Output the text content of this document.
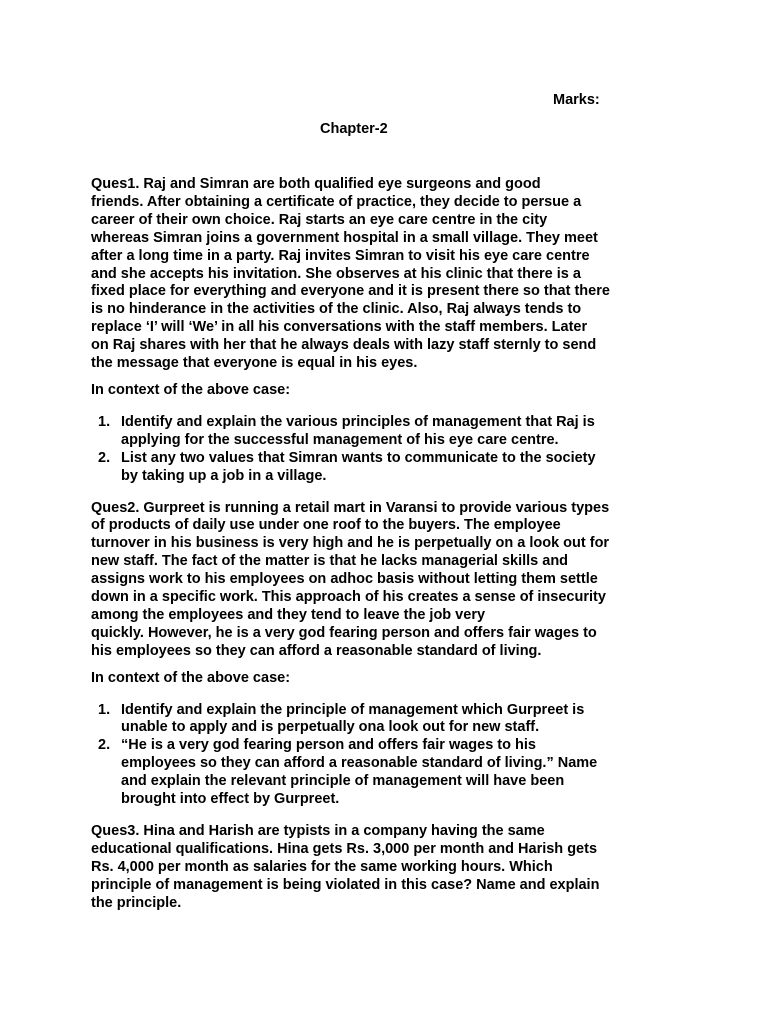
Marks:
Chapter-2
Ques1. Raj and Simran are both qualified eye surgeons and good
friends. After obtaining a certificate of practice, they decide to persue a
career of their own choice. Raj starts an eye care centre in the city
whereas Simran joins a government hospital in a small village. They meet
after a long time in a party. Raj invites Simran to visit his eye care centre
and she accepts his invitation. She observes at his clinic that there is a
fixed place for everything and everyone and it is present there so that there
is no hinderance in the activities of the clinic. Also, Raj always tends to
replace ‘I’ will ‘We’ in all his conversations with the staff members. Later
on Raj shares with her that he always deals with lazy staff sternly to send
the message that everyone is equal in his eyes.
In context of the above case:
1. Identify and explain the various principles of management that Raj is
applying for the successful management of his eye care centre.
2. List any two values that Simran wants to communicate to the society
by taking up a job in a village.
Ques2. Gurpreet is running a retail mart in Varansi to provide various types
of products of daily use under one roof to the buyers. The employee
turnover in his business is very high and he is perpetually on a look out for
new staff. The fact of the matter is that he lacks managerial skills and
assigns work to his employees on adhoc basis without letting them settle
down in a specific work. This approach of his creates a sense of insecurity
among the employees and they tend to leave the job very
quickly. However, he is a very god fearing person and offers fair wages to
his employees so they can afford a reasonable standard of living.
In context of the above case:
1. Identify and explain the principle of management which Gurpreet is
unable to apply and is perpetually ona look out for new staff.
2. “He is a very god fearing person and offers fair wages to his
employees so they can afford a reasonable standard of living.” Name
and explain the relevant principle of management will have been
brought into effect by Gurpreet.
Ques3. Hina and Harish are typists in a company having the same
educational qualifications. Hina gets Rs. 3,000 per month and Harish gets
Rs. 4,000 per month as salaries for the same working hours. Which
principle of management is being violated in this case? Name and explain
the principle.
